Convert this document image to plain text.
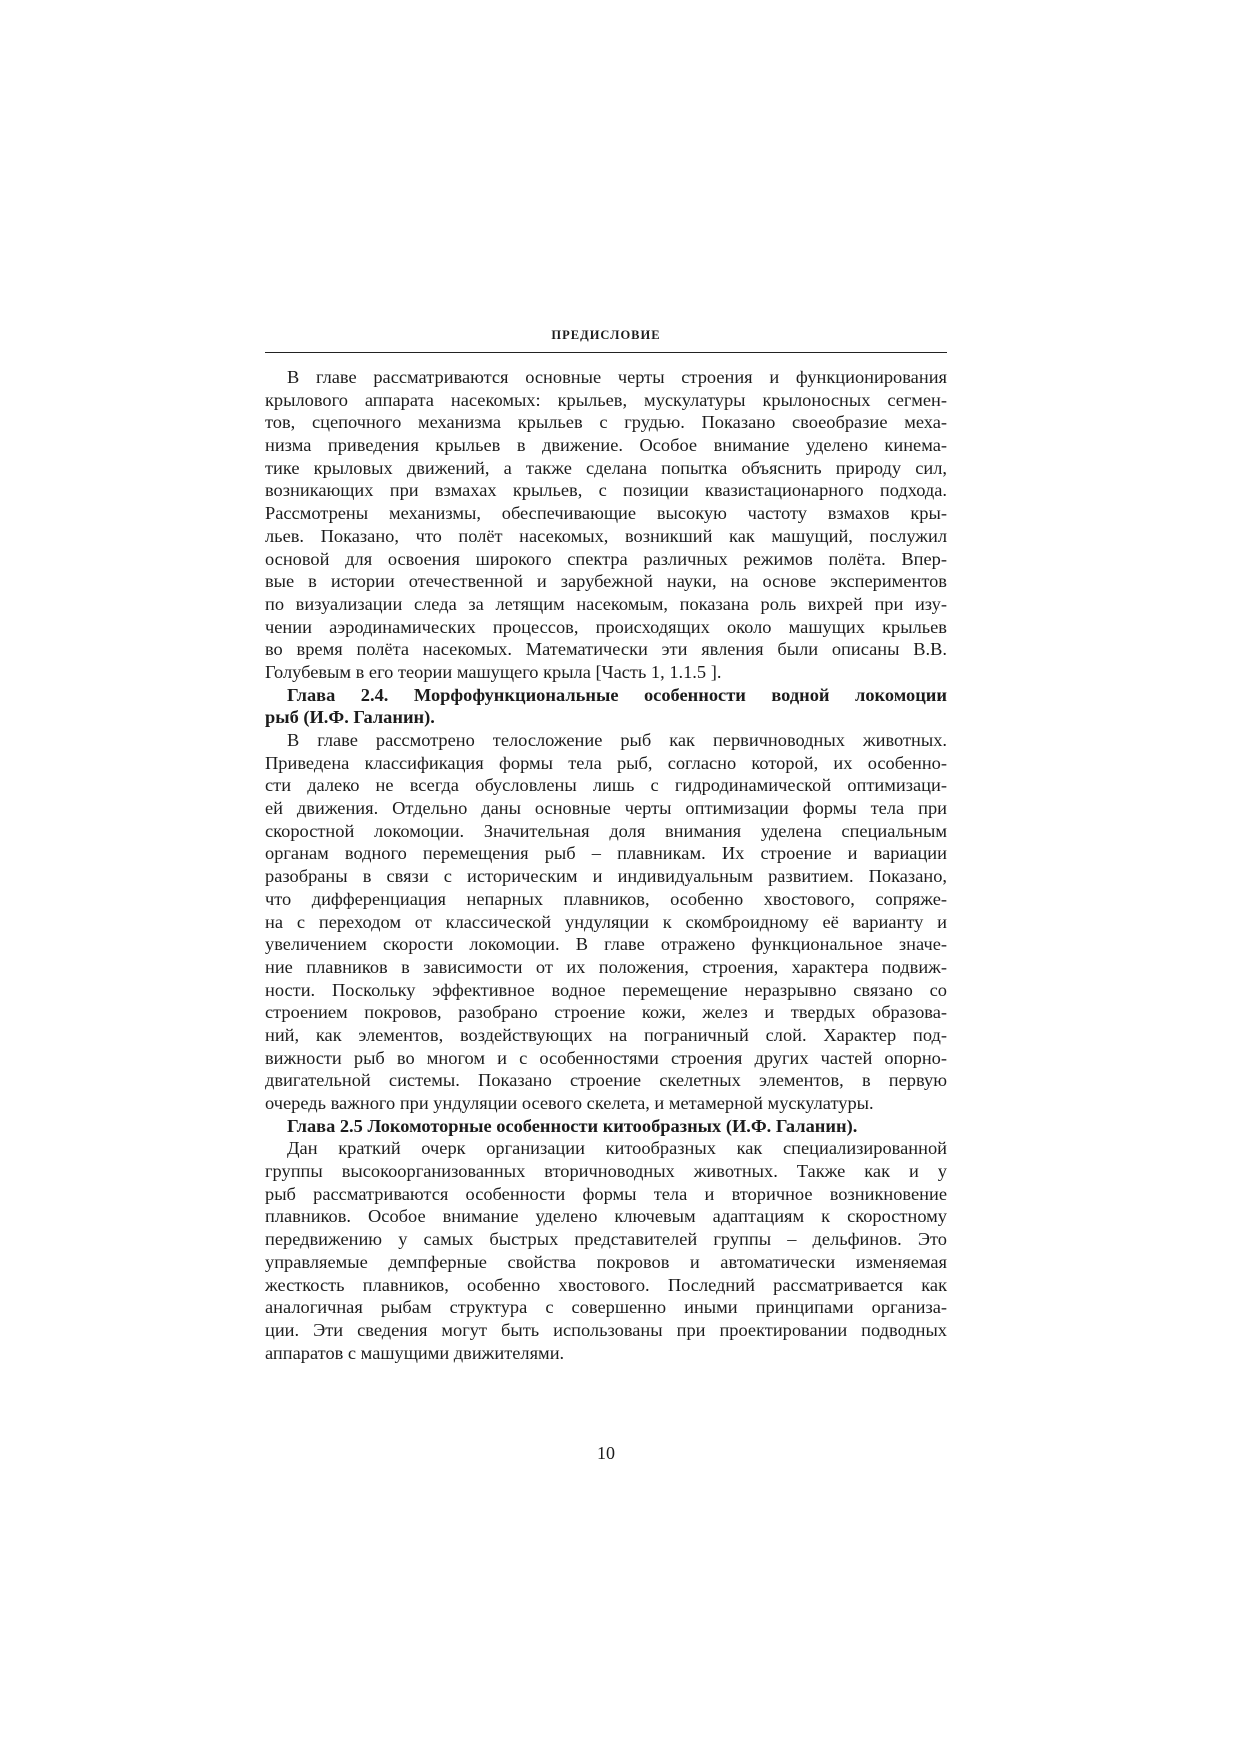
ПРЕДИСЛОВИЕ
В главе рассматриваются основные черты строения и функционирования
крылового аппарата насекомых: крыльев, мускулатуры крылоносных сегмен-
тов, сцепочного механизма крыльев с грудью. Показано своеобразие меха-
низма приведения крыльев в движение. Особое внимание уделено кинема-
тике крыловых движений, а также сделана попытка объяснить природу сил,
возникающих при взмахах крыльев, с позиции квазистационарного подхода.
Рассмотрены механизмы, обеспечивающие высокую частоту взмахов кры-
льев. Показано, что полёт насекомых, возникший как машущий, послужил
основой для освоения широкого спектра различных режимов полёта. Впер-
вые в истории отечественной и зарубежной науки, на основе экспериментов
по визуализации следа за летящим насекомым, показана роль вихрей при изу-
чении аэродинамических процессов, происходящих около машущих крыльев
во время полёта насекомых. Математически эти явления были описаны В.В.
Голубевым в его теории машущего крыла [Часть 1, 1.1.5 ].
Глава 2.4. Морфофункциональные особенности водной локомоции
рыб (И.Ф. Галанин).
В главе рассмотрено телосложение рыб как первичноводных животных.
Приведена классификация формы тела рыб, согласно которой, их особенно-
сти далеко не всегда обусловлены лишь с гидродинамической оптимизаци-
ей движения. Отдельно даны основные черты оптимизации формы тела при
скоростной локомоции. Значительная доля внимания уделена специальным
органам водного перемещения рыб – плавникам. Их строение и вариации
разобраны в связи с историческим и индивидуальным развитием. Показано,
что дифференциация непарных плавников, особенно хвостового, сопряже-
на с переходом от классической ундуляции к скомброидному её варианту и
увеличением скорости локомоции. В главе отражено функциональное значе-
ние плавников в зависимости от их положения, строения, характера подвиж-
ности. Поскольку эффективное водное перемещение неразрывно связано со
строением покровов, разобрано строение кожи, желез и твердых образова-
ний, как элементов, воздействующих на пограничный слой. Характер под-
вижности рыб во многом и с особенностями строения других частей опорно-
двигательной системы. Показано строение скелетных элементов, в первую
очередь важного при ундуляции осевого скелета, и метамерной мускулатуры.
Глава 2.5 Локомоторные особенности китообразных (И.Ф. Галанин).
Дан краткий очерк организации китообразных как специализированной
группы высокоорганизованных вторичноводных животных. Также как и у
рыб рассматриваются особенности формы тела и вторичное возникновение
плавников. Особое внимание уделено ключевым адаптациям к скоростному
передвижению у самых быстрых представителей группы – дельфинов. Это
управляемые демпферные свойства покровов и автоматически изменяемая
жесткость плавников, особенно хвостового. Последний рассматривается как
аналогичная рыбам структура с совершенно иными принципами организа-
ции. Эти сведения могут быть использованы при проектировании подводных
аппаратов с машущими движителями.
10
